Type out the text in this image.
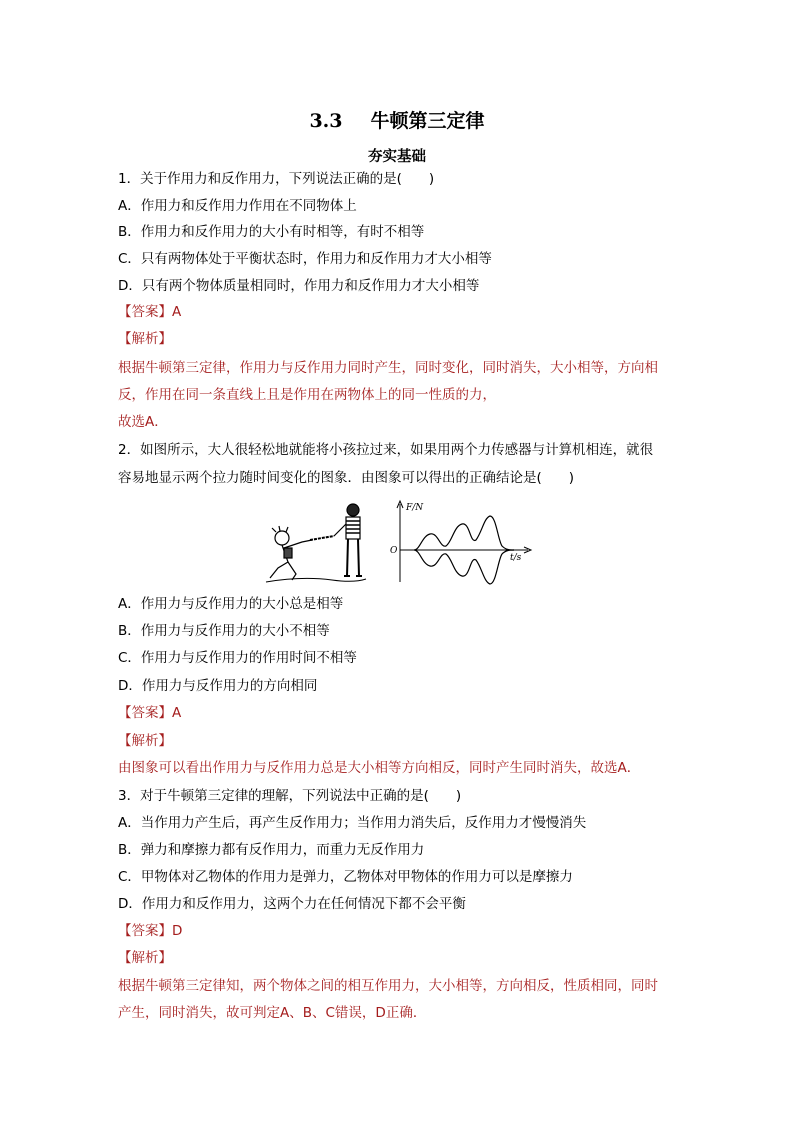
3.3 牛顿第三定律
夯实基础
1．关于作用力和反作用力，下列说法正确的是(　　)
A．作用力和反作用力作用在不同物体上
B．作用力和反作用力的大小有时相等，有时不相等
C．只有两物体处于平衡状态时，作用力和反作用力才大小相等
D．只有两个物体质量相同时，作用力和反作用力才大小相等
【答案】A
【解析】
根据牛顿第三定律，作用力与反作用力同时产生，同时变化，同时消失，大小相等，方向相
反，作用在同一条直线上且是作用在两物体上的同一性质的力，
故选A．
2．如图所示，大人很轻松地就能将小孩拉过来，如果用两个力传感器与计算机相连，就很
容易地显示两个拉力随时间变化的图象．由图象可以得出的正确结论是(　　)
F/N
t/s
O
A．作用力与反作用力的大小总是相等
B．作用力与反作用力的大小不相等
C．作用力与反作用力的作用时间不相等
D．作用力与反作用力的方向相同
【答案】A
【解析】
由图象可以看出作用力与反作用力总是大小相等方向相反，同时产生同时消失，故选A．
3．对于牛顿第三定律的理解，下列说法中正确的是(　　)
A．当作用力产生后，再产生反作用力；当作用力消失后，反作用力才慢慢消失
B．弹力和摩擦力都有反作用力，而重力无反作用力
C．甲物体对乙物体的作用力是弹力，乙物体对甲物体的作用力可以是摩擦力
D．作用力和反作用力，这两个力在任何情况下都不会平衡
【答案】D
【解析】
根据牛顿第三定律知，两个物体之间的相互作用力，大小相等，方向相反，性质相同，同时
产生，同时消失，故可判定A、B、C错误，D正确．
